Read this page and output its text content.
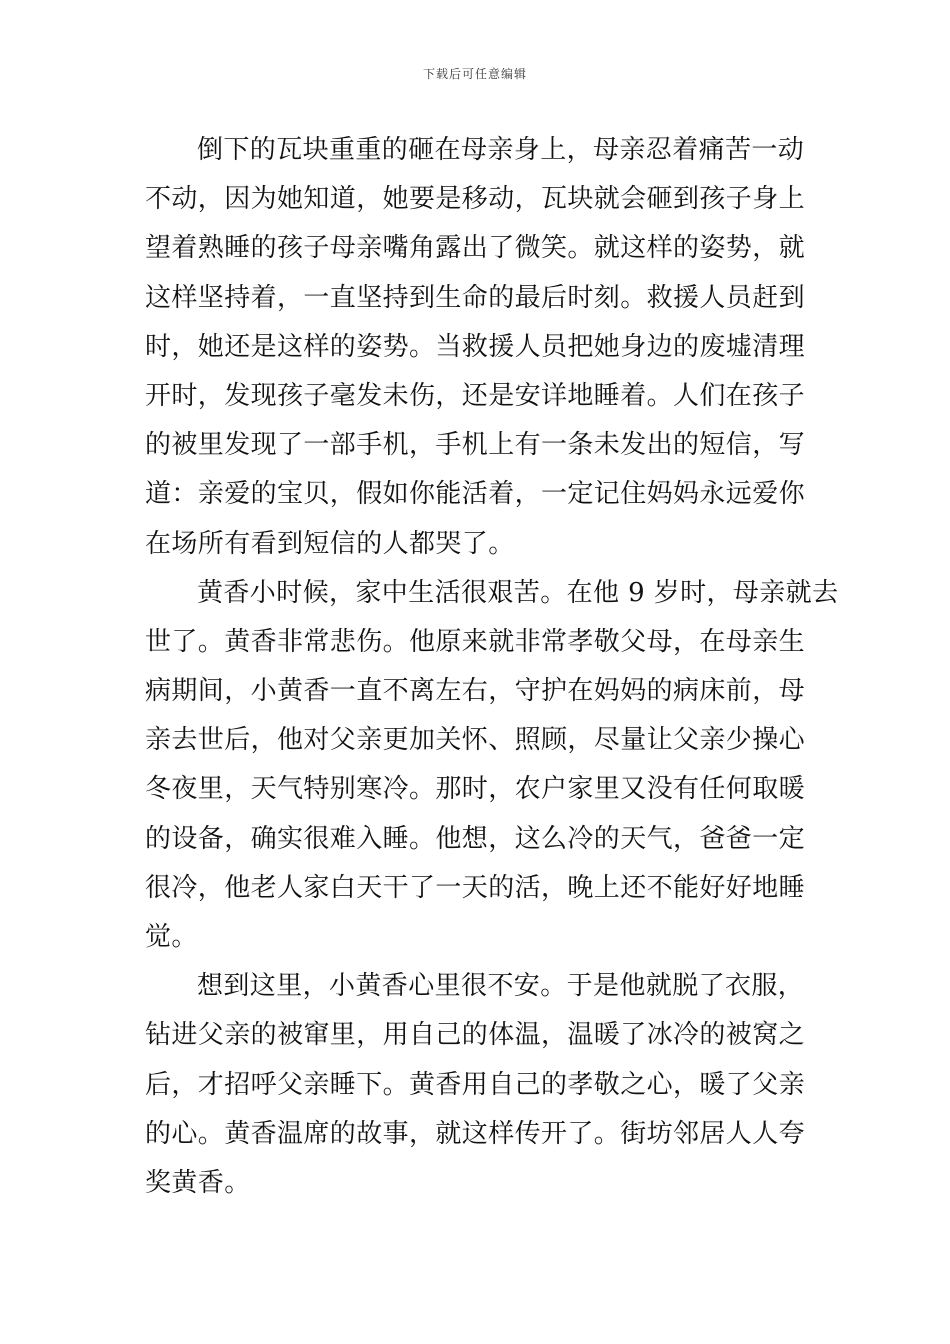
下载后可任意编辑
倒下的瓦块重重的砸在母亲身上，母亲忍着痛苦一动
不动，因为她知道，她要是移动，瓦块就会砸到孩子身上
望着熟睡的孩子母亲嘴角露出了微笑。就这样的姿势，就
这样坚持着，一直坚持到生命的最后时刻。救援人员赶到
时，她还是这样的姿势。当救援人员把她身边的废墟清理
开时，发现孩子毫发未伤，还是安详地睡着。人们在孩子
的被里发现了一部手机，手机上有一条未发出的短信，写
道：亲爱的宝贝，假如你能活着，一定记住妈妈永远爱你
在场所有看到短信的人都哭了。
黄香小时候，家中生活很艰苦。在他 9 岁时，母亲就去
世了。黄香非常悲伤。他原来就非常孝敬父母，在母亲生
病期间，小黄香一直不离左右，守护在妈妈的病床前，母
亲去世后，他对父亲更加关怀、照顾，尽量让父亲少操心
冬夜里，天气特别寒冷。那时，农户家里又没有任何取暖
的设备，确实很难入睡。他想，这么冷的天气，爸爸一定
很冷，他老人家白天干了一天的活，晚上还不能好好地睡
觉。
想到这里，小黄香心里很不安。于是他就脱了衣服，
钻进父亲的被窜里，用自己的体温，温暖了冰冷的被窝之
后，才招呼父亲睡下。黄香用自己的孝敬之心，暖了父亲
的心。黄香温席的故事，就这样传开了。街坊邻居人人夸
奖黄香。
